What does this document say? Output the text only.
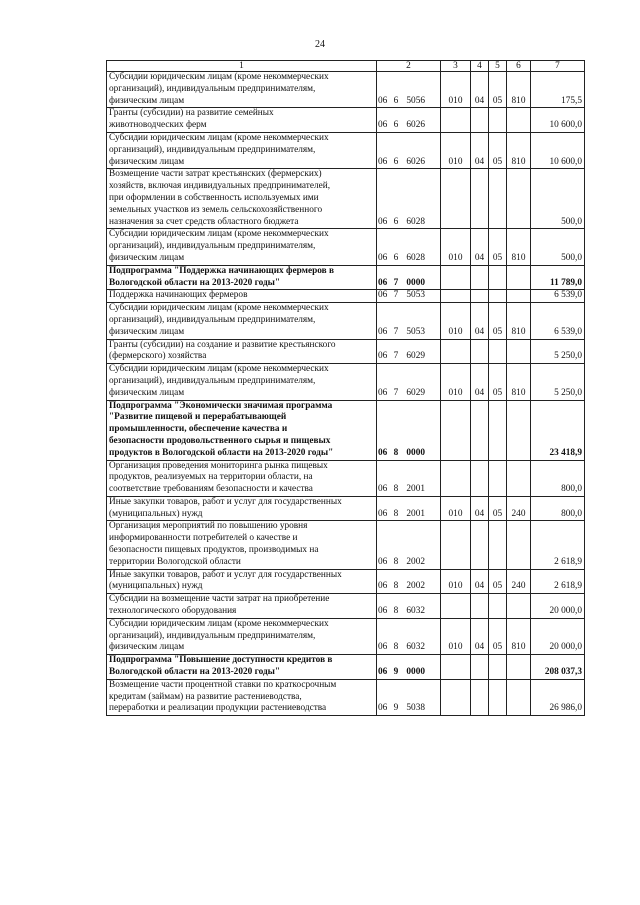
24
1	2	3	4	5	6	7
Субсидии юридическим лицам (кроме некоммерческих
организаций), индивидуальным предпринимателям,
физическим лицам	06 6 5056	010	04	05	810	175,5
Гранты (субсидии) на развитие семейных
животноводческих ферм	06 6 6026					10 600,0
Субсидии юридическим лицам (кроме некоммерческих
организаций), индивидуальным предпринимателям,
физическим лицам	06 6 6026	010	04	05	810	10 600,0
Возмещение части затрат крестьянских (фермерских)
хозяйств, включая индивидуальных предпринимателей,
при оформлении в собственность используемых ими
земельных участков из земель сельскохозяйственного
назначения за счет средств областного бюджета	06 6 6028					500,0
Субсидии юридическим лицам (кроме некоммерческих
организаций), индивидуальным предпринимателям,
физическим лицам	06 6 6028	010	04	05	810	500,0
Подпрограмма "Поддержка начинающих фермеров в
Вологодской области на 2013-2020 годы"	06 7 0000					11 789,0
Поддержка начинающих фермеров	06 7 5053					6 539,0
Субсидии юридическим лицам (кроме некоммерческих
организаций), индивидуальным предпринимателям,
физическим лицам	06 7 5053	010	04	05	810	6 539,0
Гранты (субсидии) на создание и развитие крестьянского
(фермерского) хозяйства	06 7 6029					5 250,0
Субсидии юридическим лицам (кроме некоммерческих
организаций), индивидуальным предпринимателям,
физическим лицам	06 7 6029	010	04	05	810	5 250,0
Подпрограмма "Экономически значимая программа
"Развитие пищевой и перерабатывающей
промышленности, обеспечение качества и
безопасности продовольственного сырья и пищевых
продуктов в Вологодской области на 2013-2020 годы"	06 8 0000					23 418,9
Организация проведения мониторинга рынка пищевых
продуктов, реализуемых на территории области, на
соответствие требованиям безопасности и качества	06 8 2001					800,0
Иные закупки товаров, работ и услуг для государственных
(муниципальных) нужд	06 8 2001	010	04	05	240	800,0
Организация мероприятий по повышению уровня
информированности потребителей о качестве и
безопасности пищевых продуктов, производимых на
территории Вологодской области	06 8 2002					2 618,9
Иные закупки товаров, работ и услуг для государственных
(муниципальных) нужд	06 8 2002	010	04	05	240	2 618,9
Субсидии на возмещение части затрат на приобретение
технологического оборудования	06 8 6032					20 000,0
Субсидии юридическим лицам (кроме некоммерческих
организаций), индивидуальным предпринимателям,
физическим лицам	06 8 6032	010	04	05	810	20 000,0
Подпрограмма "Повышение доступности кредитов в
Вологодской области на 2013-2020 годы"	06 9 0000					208 037,3
Возмещение части процентной ставки по краткосрочным
кредитам (займам) на развитие растениеводства,
переработки и реализации продукции растениеводства	06 9 5038					26 986,0
